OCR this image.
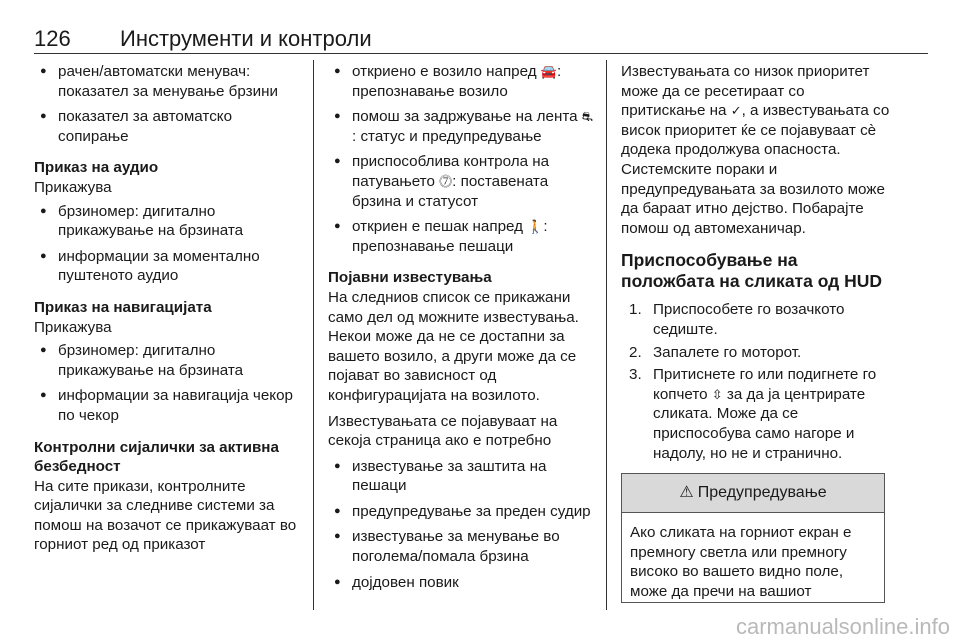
126 Инструменти и контроли
● рачен/автоматски менувач: показател за менување брзини
● показател за автоматско сопирање
Приказ на аудио
Прикажува
● брзиномер: дигитално прикажување на брзината
● информации за моментално пуштеното аудио
Приказ на навигацијата
Прикажува
● брзиномер: дигитално прикажување на брзината
● информации за навигација чекор по чекор
Контролни сијалички за активна безбедност
На сите прикази, контролните сијалички за следниве системи за помош на возачот се прикажуваат во горниот ред од приказот
● откриено е возило напред 🚘: препознавање возило
● помош за задржување на лента ⛐: статус и предупредување
● приспособлива контрола на патувањето ⓻: поставената брзина и статусот
● откриен е пешак напред 🚶: препознавање пешаци
Појавни известувања
На следниов список се прикажани само дел од можните известувања. Некои може да не се достапни за вашето возило, а други може да се појават во зависност од конфигурацијата на возилото.
Известувањата се појавуваат на секоја страница ако е потребно
● известување за заштита на пешаци
● предупредување за преден судир
● известување за менување во поголема/помала брзина
● дојдовен повик
Известувањата со низок приоритет може да се ресетираат со притискање на ✓, а известувањата со висок приоритет ќе се појавуваат сѐ додека продолжува опасноста. Системските пораки и предупредувањата за возилото може да бараат итно дејство. Побарајте помош од автомеханичар.
Приспособување на положбата на сликата од HUD
1. Приспособете го возачкото седиште.
2. Запалете го моторот.
3. Притиснете го или подигнете го копчето ⇳ за да ја центрирате сликата. Може да се приспособува само нагоре и надолу, но не и странично.
⚠ Предупредување
Ако сликата на горниот екран е премногу светла или премногу високо во вашето видно поле, може да пречи на вашиот
carmanualsonline.info
